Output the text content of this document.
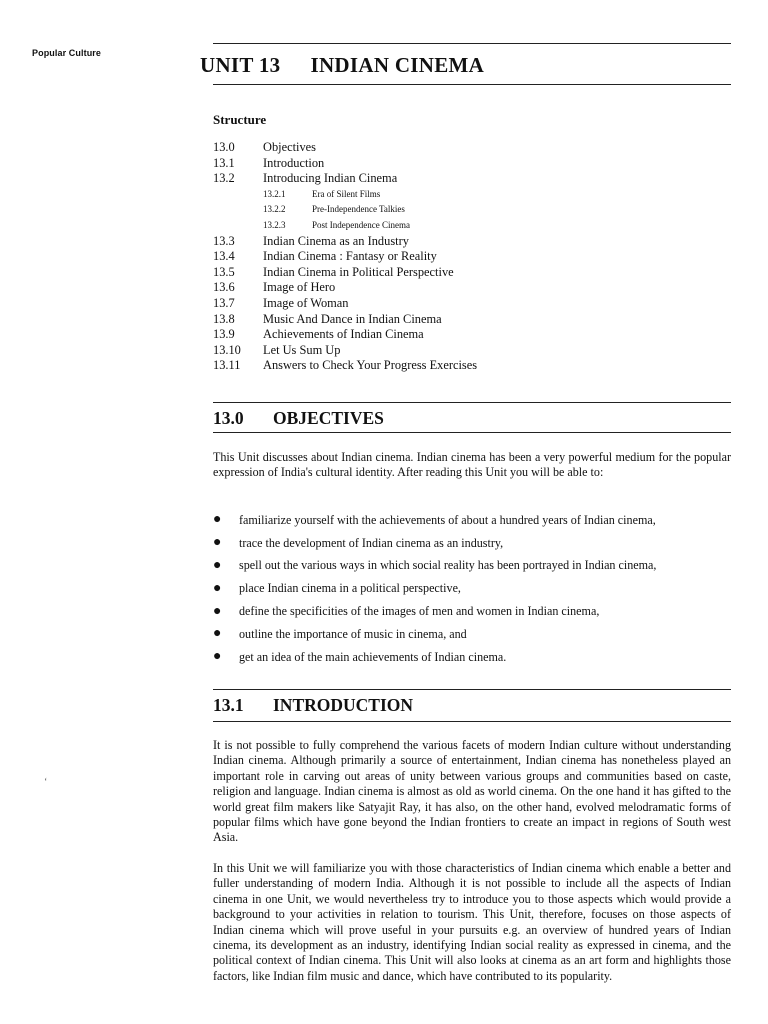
Popular Culture	UNIT 13 INDIAN CINEMA
Structure
13.0	Objectives
13.1	Introduction
13.2	Introducing Indian Cinema
13.2.1	Era of Silent Films
13.2.2	Pre-Independence Talkies
13.2.3	Post Independence Cinema
13.3	Indian Cinema as an Industry
13.4	Indian Cinema : Fantasy or Reality
13.5	Indian Cinema in Political Perspective
13.6	Image of Hero
13.7	Image of Woman
13.8	Music And Dance in Indian Cinema
13.9	Achievements of Indian Cinema
13.10	Let Us Sum Up
13.11	Answers to Check Your Progress Exercises
13.0	OBJECTIVES

This Unit discusses about Indian cinema. Indian cinema has been a very powerful medium for the popular expression of India's cultural identity. After reading this Unit you will be able to:

●	familiarize yourself with the achievements of about a hundred years of Indian cinema,
●	trace the development of Indian cinema as an industry,
●	spell out the various ways in which social reality has been portrayed in Indian cinema,
●	place Indian cinema in a political perspective,
●	define the specificities of the images of men and women in Indian cinema,
●	outline the importance of music in cinema, and
●	get an idea of the main achievements of Indian cinema.
13.1	INTRODUCTION

It is not possible to fully comprehend the various facets of modern Indian culture without understanding Indian cinema. Although primarily a source of entertainment, Indian cinema has nonetheless played an important role in carving out areas of unity between various groups and communities based on caste, religion and language. Indian cinema is almost as old as world cinema. On the one hand it has gifted to the world great film makers like Satyajit Ray, it has also, on the other hand, evolved melodramatic forms of popular films which have gone beyond the Indian frontiers to create an impact in regions of South west Asia.

In this Unit we will familiarize you with those characteristics of Indian cinema which enable a better and fuller understanding of modern India. Although it is not possible to include all the aspects of Indian cinema in one Unit, we would nevertheless try to introduce you to those aspects which would provide a background to your activities in relation to tourism. This Unit, therefore, focuses on those aspects of Indian cinema which will prove useful in your pursuits e.g. an overview of hundred years of Indian cinema, its development as an industry, identifying Indian social reality as expressed in cinema, and the political context of Indian cinema. This Unit will also looks at cinema as an art form and highlights those factors, like Indian film music and dance, which have contributed to its popularity.

ʻ
